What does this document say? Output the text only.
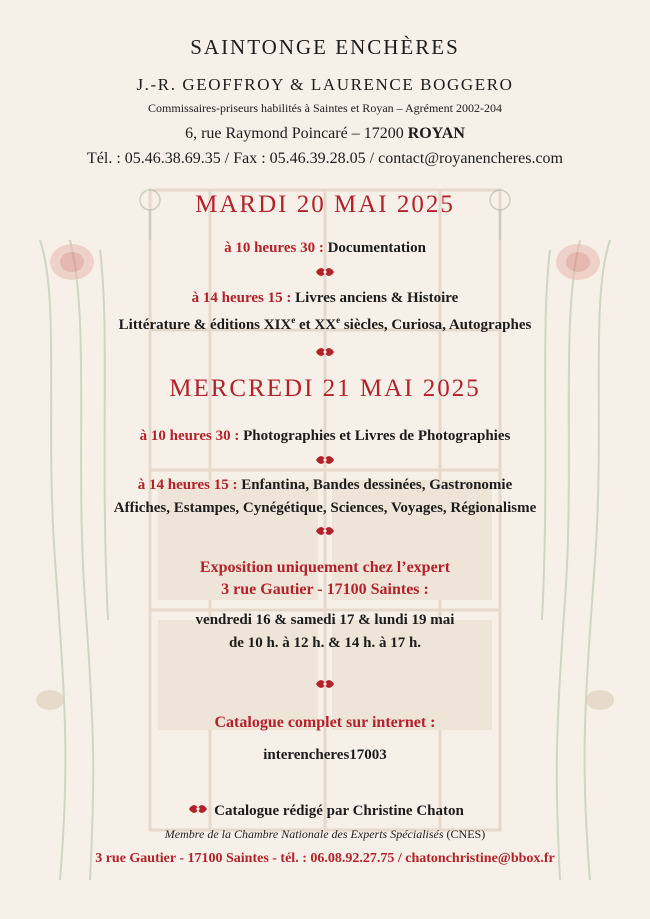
SAINTONGE ENCHÈRES
J.-R. GEOFFROY & LAURENCE BOGGERO
Commissaires-priseurs habilités à Saintes et Royan – Agrément 2002-204
6, rue Raymond Poincaré – 17200 ROYAN
Tél. : 05.46.38.69.35 / Fax : 05.46.39.28.05 / contact@royanencheres.com
MARDI 20 MAI 2025
à 10 heures 30 : Documentation
à 14 heures 15 : Livres anciens & Histoire
Littérature & éditions XIXe et XXe siècles, Curiosa, Autographes
MERCREDI 21 MAI 2025
à 10 heures 30 : Photographies et Livres de Photographies
à 14 heures 15 : Enfantina, Bandes dessinées, Gastronomie
Affiches, Estampes, Cynégétique, Sciences, Voyages, Régionalisme
Exposition uniquement chez l’expert
3 rue Gautier - 17100 Saintes :
vendredi 16 & samedi 17 & lundi 19 mai
de 10 h. à 12 h. & 14 h. à 17 h.
Catalogue complet sur internet :
interencheres17003
Catalogue rédigé par Christine Chaton
Membre de la Chambre Nationale des Experts Spécialisés (CNES)
3 rue Gautier - 17100 Saintes - tél. : 06.08.92.27.75 / chatonchristine@bbox.fr
